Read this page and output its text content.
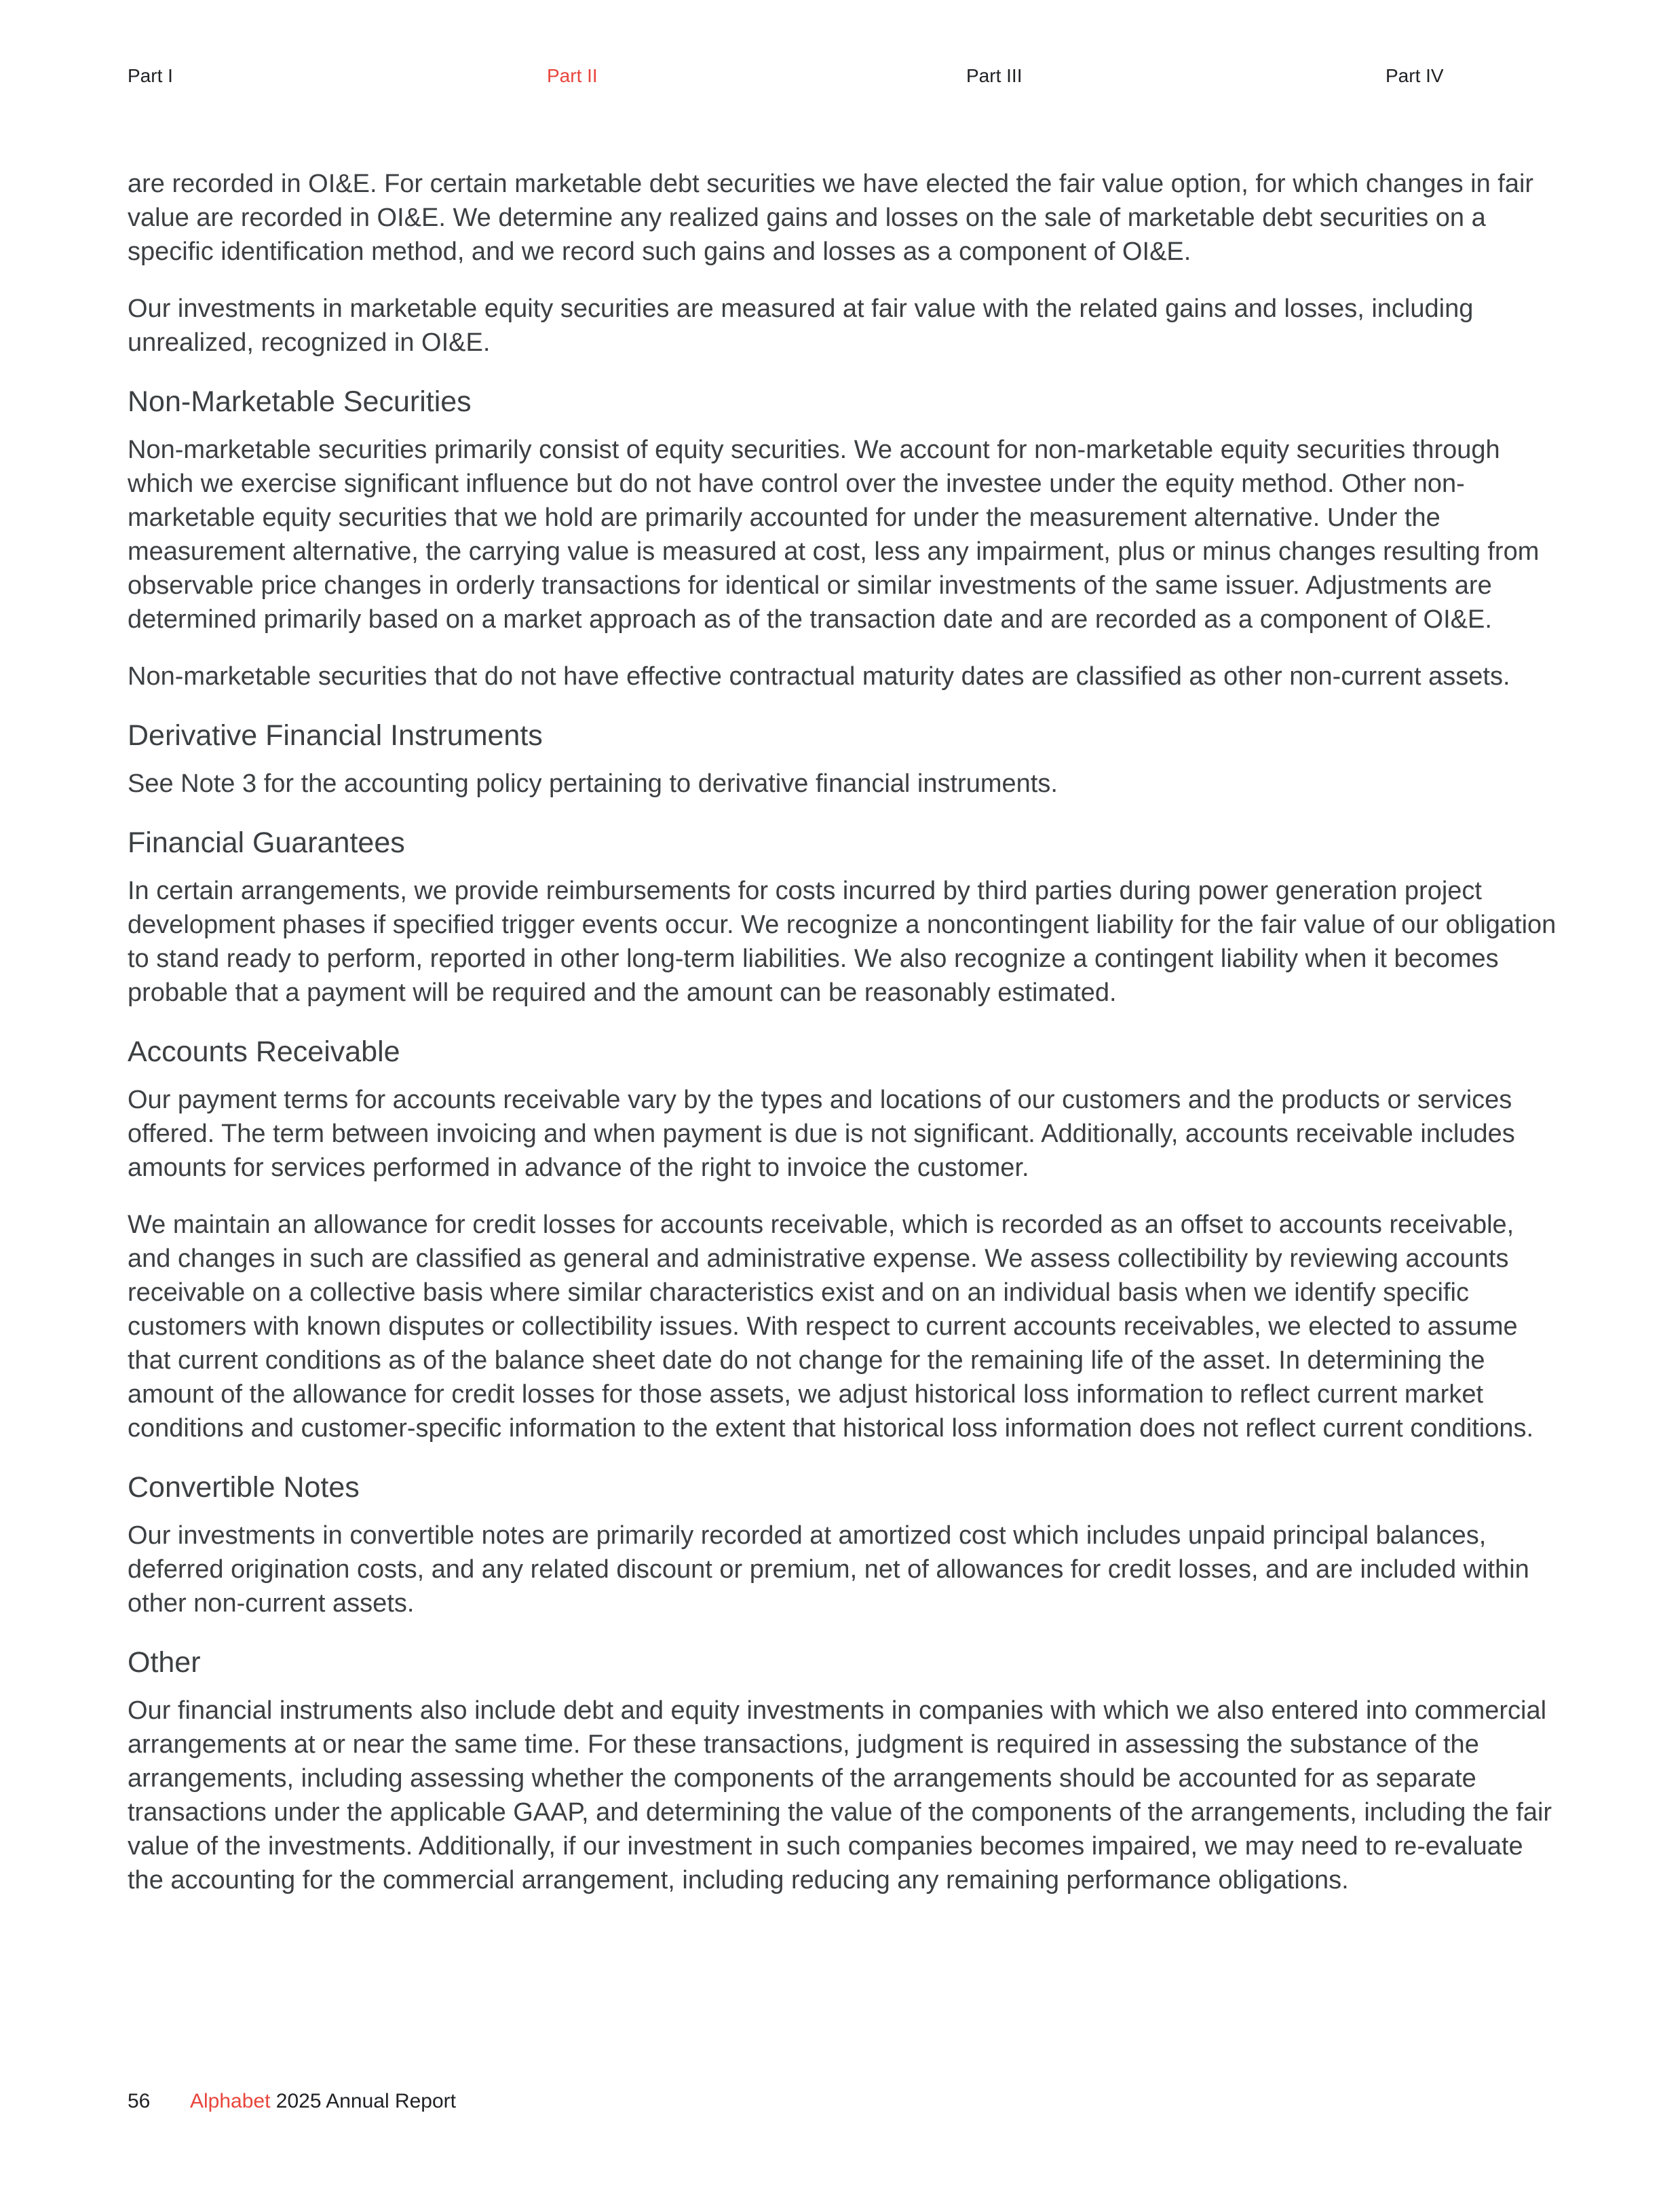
Part I	Part II	Part III	Part IV

are recorded in OI&E. For certain marketable debt securities we have elected the fair value option, for which changes in fair value are recorded in OI&E. We determine any realized gains and losses on the sale of marketable debt securities on a specific identification method, and we record such gains and losses as a component of OI&E.

Our investments in marketable equity securities are measured at fair value with the related gains and losses, including unrealized, recognized in OI&E.

Non-Marketable Securities

Non-marketable securities primarily consist of equity securities. We account for non-marketable equity securities through which we exercise significant influence but do not have control over the investee under the equity method. Other non-marketable equity securities that we hold are primarily accounted for under the measurement alternative. Under the measurement alternative, the carrying value is measured at cost, less any impairment, plus or minus changes resulting from observable price changes in orderly transactions for identical or similar investments of the same issuer. Adjustments are determined primarily based on a market approach as of the transaction date and are recorded as a component of OI&E.

Non-marketable securities that do not have effective contractual maturity dates are classified as other non-current assets.

Derivative Financial Instruments

See Note 3 for the accounting policy pertaining to derivative financial instruments.

Financial Guarantees

In certain arrangements, we provide reimbursements for costs incurred by third parties during power generation project development phases if specified trigger events occur. We recognize a noncontingent liability for the fair value of our obligation to stand ready to perform, reported in other long-term liabilities. We also recognize a contingent liability when it becomes probable that a payment will be required and the amount can be reasonably estimated.

Accounts Receivable

Our payment terms for accounts receivable vary by the types and locations of our customers and the products or services offered. The term between invoicing and when payment is due is not significant. Additionally, accounts receivable includes amounts for services performed in advance of the right to invoice the customer.

We maintain an allowance for credit losses for accounts receivable, which is recorded as an offset to accounts receivable, and changes in such are classified as general and administrative expense. We assess collectibility by reviewing accounts receivable on a collective basis where similar characteristics exist and on an individual basis when we identify specific customers with known disputes or collectibility issues. With respect to current accounts receivables, we elected to assume that current conditions as of the balance sheet date do not change for the remaining life of the asset. In determining the amount of the allowance for credit losses for those assets, we adjust historical loss information to reflect current market conditions and customer-specific information to the extent that historical loss information does not reflect current conditions.

Convertible Notes

Our investments in convertible notes are primarily recorded at amortized cost which includes unpaid principal balances, deferred origination costs, and any related discount or premium, net of allowances for credit losses, and are included within other non-current assets.

Other

Our financial instruments also include debt and equity investments in companies with which we also entered into commercial arrangements at or near the same time. For these transactions, judgment is required in assessing the substance of the arrangements, including assessing whether the components of the arrangements should be accounted for as separate transactions under the applicable GAAP, and determining the value of the components of the arrangements, including the fair value of the investments. Additionally, if our investment in such companies becomes impaired, we may need to re-evaluate the accounting for the commercial arrangement, including reducing any remaining performance obligations.

56 Alphabet 2025 Annual Report
